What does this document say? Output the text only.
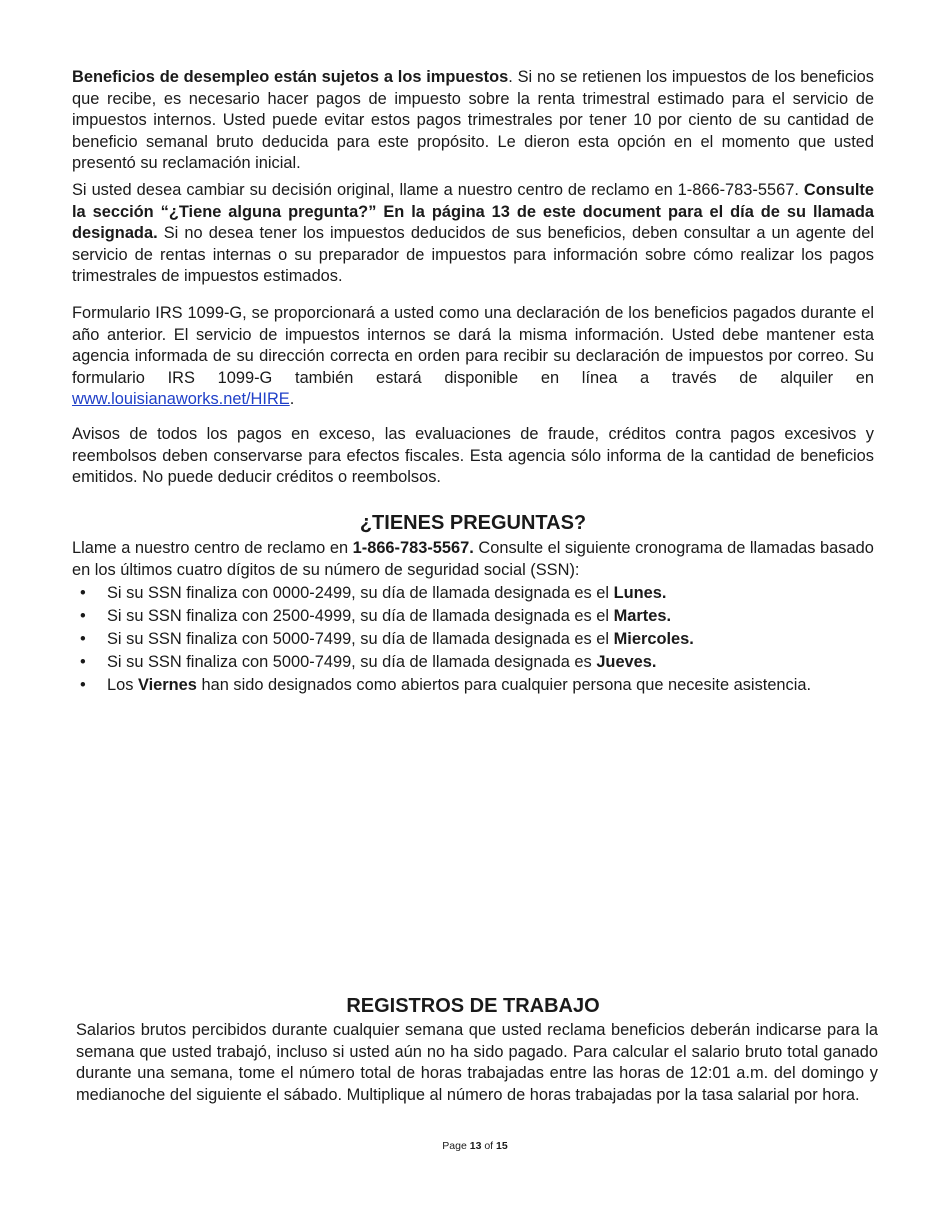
Beneficios de desempleo están sujetos a los impuestos. Si no se retienen los impuestos de los beneficios que recibe, es necesario hacer pagos de impuesto sobre la renta trimestral estimado para el servicio de impuestos internos. Usted puede evitar estos pagos trimestrales por tener 10 por ciento de su cantidad de beneficio semanal bruto deducida para este propósito. Le dieron esta opción en el momento que usted presentó su reclamación inicial.

Si usted desea cambiar su decisión original, llame a nuestro centro de reclamo en 1-866-783-5567. Consulte la sección “¿Tiene alguna pregunta?” En la página 13 de este document para el día de su llamada designada. Si no desea tener los impuestos deducidos de sus beneficios, deben consultar a un agente del servicio de rentas internas o su preparador de impuestos para información sobre cómo realizar los pagos trimestrales de impuestos estimados.

Formulario IRS 1099-G, se proporcionará a usted como una declaración de los beneficios pagados durante el año anterior. El servicio de impuestos internos se dará la misma información. Usted debe mantener esta agencia informada de su dirección correcta en orden para recibir su declaración de impuestos por correo. Su formulario IRS 1099-G también estará disponible en línea a través de alquiler en www.louisianaworks.net/HIRE.

Avisos de todos los pagos en exceso, las evaluaciones de fraude, créditos contra pagos excesivos y reembolsos deben conservarse para efectos fiscales. Esta agencia sólo informa de la cantidad de beneficios emitidos. No puede deducir créditos o reembolsos.

¿TIENES PREGUNTAS?

Llame a nuestro centro de reclamo en 1-866-783-5567. Consulte el siguiente cronograma de llamadas basado en los últimos cuatro dígitos de su número de seguridad social (SSN):

• Si su SSN finaliza con 0000-2499, su día de llamada designada es el Lunes.
• Si su SSN finaliza con 2500-4999, su día de llamada designada es el Martes.
• Si su SSN finaliza con 5000-7499, su día de llamada designada es el Miercoles.
• Si su SSN finaliza con 5000-7499, su día de llamada designada es Jueves.
• Los Viernes han sido designados como abiertos para cualquier persona que necesite asistencia.
REGISTROS DE TRABAJO

Salarios brutos percibidos durante cualquier semana que usted reclama beneficios deberán indicarse para la semana que usted trabajó, incluso si usted aún no ha sido pagado. Para calcular el salario bruto total ganado durante una semana, tome el número total de horas trabajadas entre las horas de 12:01 a.m. del domingo y medianoche del siguiente el sábado. Multiplique al número de horas trabajadas por la tasa salarial por hora.

Page 13 of 15
